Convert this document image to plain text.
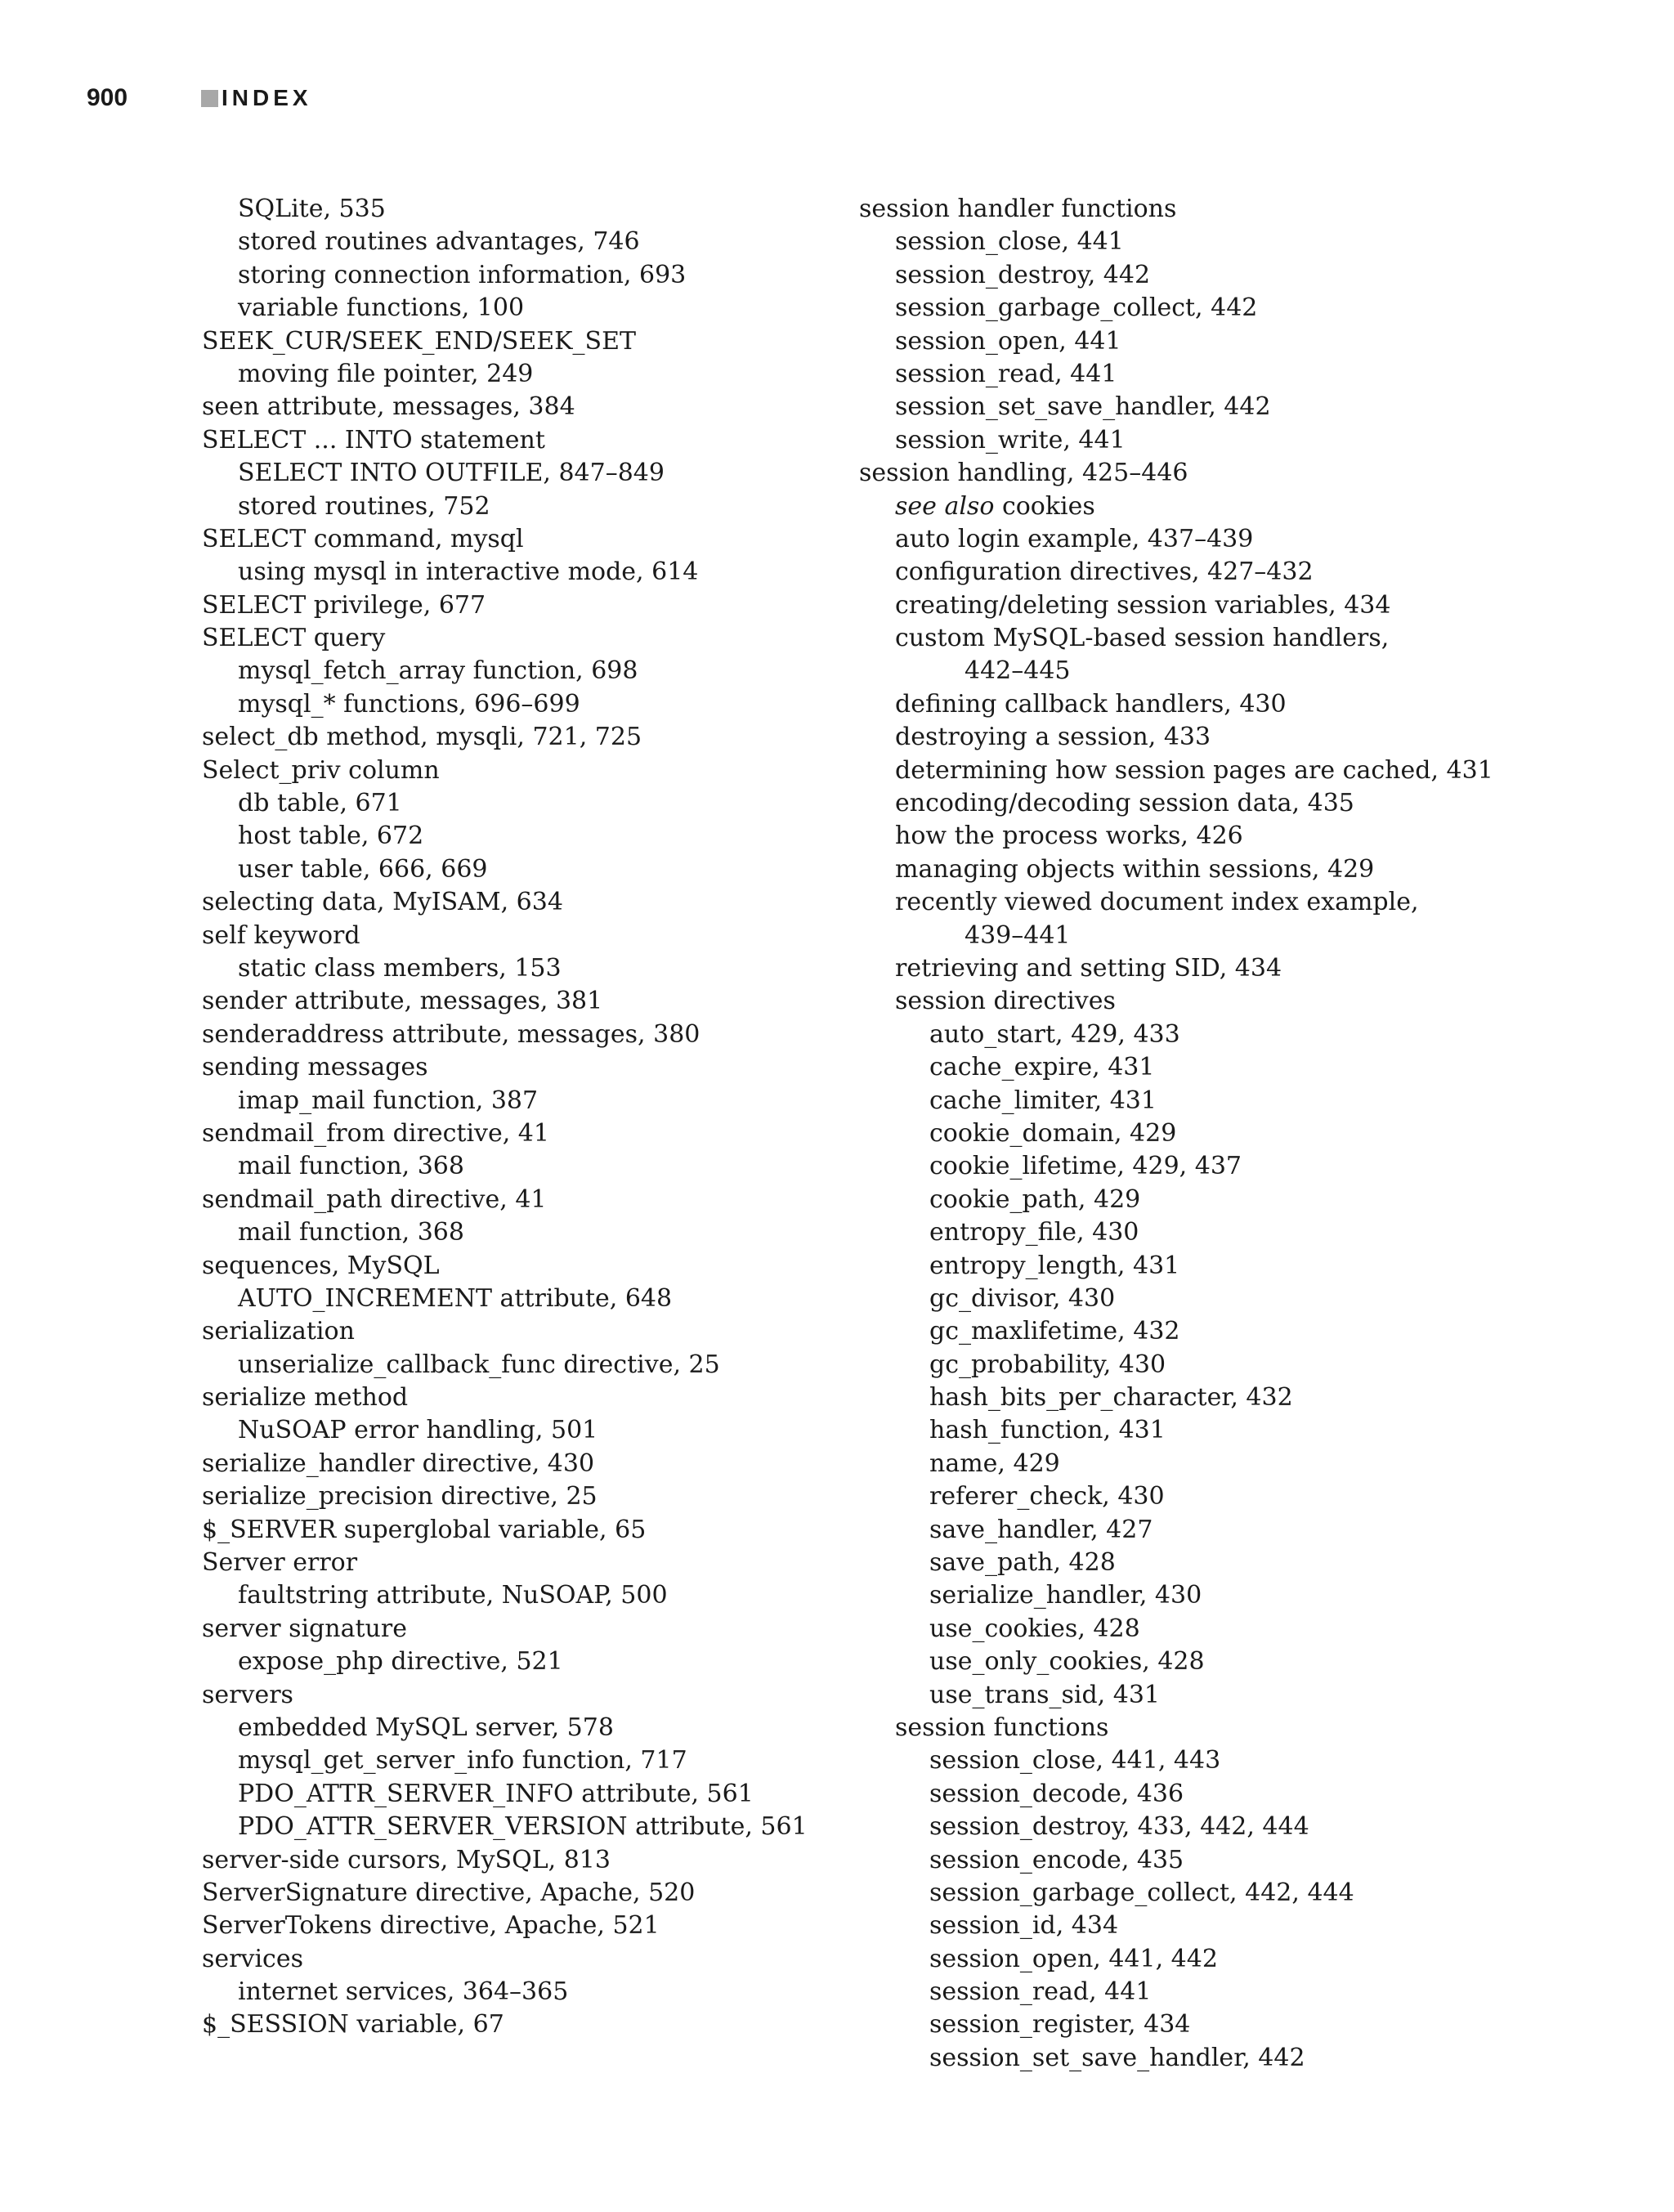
900	INDEX
SQLite, 535
stored routines advantages, 746
storing connection information, 693
variable functions, 100
SEEK_CUR/SEEK_END/SEEK_SET
moving file pointer, 249
seen attribute, messages, 384
SELECT ... INTO statement
SELECT INTO OUTFILE, 847–849
stored routines, 752
SELECT command, mysql
using mysql in interactive mode, 614
SELECT privilege, 677
SELECT query
mysql_fetch_array function, 698
mysql_* functions, 696–699
select_db method, mysqli, 721, 725
Select_priv column
db table, 671
host table, 672
user table, 666, 669
selecting data, MyISAM, 634
self keyword
static class members, 153
sender attribute, messages, 381
senderaddress attribute, messages, 380
sending messages
imap_mail function, 387
sendmail_from directive, 41
mail function, 368
sendmail_path directive, 41
mail function, 368
sequences, MySQL
AUTO_INCREMENT attribute, 648
serialization
unserialize_callback_func directive, 25
serialize method
NuSOAP error handling, 501
serialize_handler directive, 430
serialize_precision directive, 25
$_SERVER superglobal variable, 65
Server error
faultstring attribute, NuSOAP, 500
server signature
expose_php directive, 521
servers
embedded MySQL server, 578
mysql_get_server_info function, 717
PDO_ATTR_SERVER_INFO attribute, 561
PDO_ATTR_SERVER_VERSION attribute, 561
server-side cursors, MySQL, 813
ServerSignature directive, Apache, 520
ServerTokens directive, Apache, 521
services
internet services, 364–365
$_SESSION variable, 67
session handler functions
session_close, 441
session_destroy, 442
session_garbage_collect, 442
session_open, 441
session_read, 441
session_set_save_handler, 442
session_write, 441
session handling, 425–446
see also cookies
auto login example, 437–439
configuration directives, 427–432
creating/deleting session variables, 434
custom MySQL-based session handlers,
442–445
defining callback handlers, 430
destroying a session, 433
determining how session pages are cached, 431
encoding/decoding session data, 435
how the process works, 426
managing objects within sessions, 429
recently viewed document index example,
439–441
retrieving and setting SID, 434
session directives
auto_start, 429, 433
cache_expire, 431
cache_limiter, 431
cookie_domain, 429
cookie_lifetime, 429, 437
cookie_path, 429
entropy_file, 430
entropy_length, 431
gc_divisor, 430
gc_maxlifetime, 432
gc_probability, 430
hash_bits_per_character, 432
hash_function, 431
name, 429
referer_check, 430
save_handler, 427
save_path, 428
serialize_handler, 430
use_cookies, 428
use_only_cookies, 428
use_trans_sid, 431
session functions
session_close, 441, 443
session_decode, 436
session_destroy, 433, 442, 444
session_encode, 435
session_garbage_collect, 442, 444
session_id, 434
session_open, 441, 442
session_read, 441
session_register, 434
session_set_save_handler, 442
